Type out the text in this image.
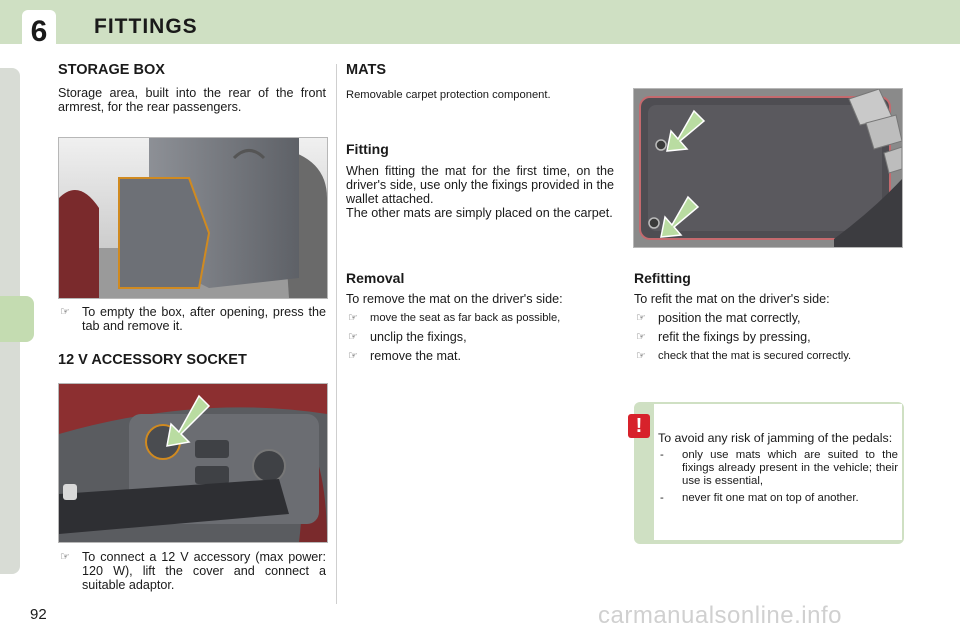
6	FITTINGS
STORAGE BOX
Storage area, built into the rear of the front armrest, for the rear passengers.
☞ To empty the box, after opening, press the tab and remove it.
12 V ACCESSORY SOCKET
☞ To connect a 12 V accessory (max power: 120 W), lift the cover and connect a suitable adaptor.
MATS
Removable carpet protection component.
Fitting
When fitting the mat for the first time, on the driver's side, use only the fixings provided in the wallet attached.
The other mats are simply placed on the carpet.
Removal
To remove the mat on the driver's side:
☞ move the seat as far back as possible,
☞ unclip the fixings,
☞ remove the mat.
Refitting
To refit the mat on the driver's side:
☞ position the mat correctly,
☞ refit the fixings by pressing,
☞ check that the mat is secured correctly.
!
To avoid any risk of jamming of the pedals:
- only use mats which are suited to the fixings already present in the vehicle; their use is essential,
- never fit one mat on top of another.
92	carmanualsonline.info
